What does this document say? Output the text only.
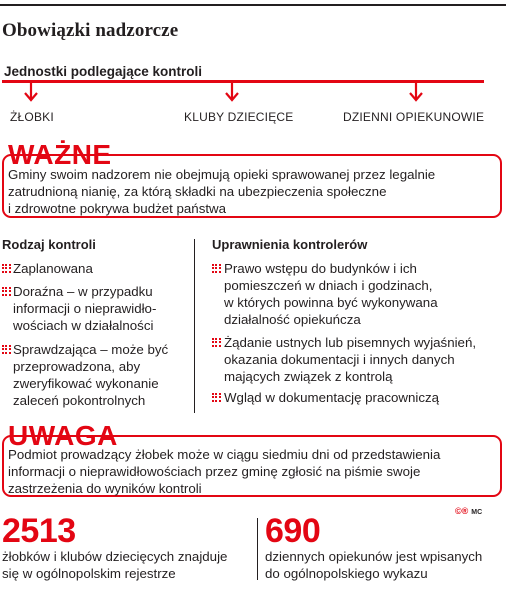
Obowiązki nadzorcze
Jednostki podlegające kontroli
ŻŁOBKI	KLUBY DZIECIĘCE	DZIENNI OPIEKUNOWIE
WAŻNE
Gminy swoim nadzorem nie obejmują opieki sprawowanej przez legalnie
zatrudnioną nianię, za którą składki na ubezpieczenia społeczne
i zdrowotne pokrywa budżet państwa
Rodzaj kontroli	Uprawnienia kontrolerów
Zaplanowana
Doraźna – w przypadku
informacji o nieprawidło-
wościach w działalności
Sprawdzająca – może być
przeprowadzona, aby
zweryfikować wykonanie
zaleceń pokontrolnych
Prawo wstępu do budynków i ich
pomieszczeń w dniach i godzinach,
w których powinna być wykonywana
działalność opiekuńcza
Żądanie ustnych lub pisemnych wyjaśnień,
okazania dokumentacji i innych danych
mających związek z kontrolą
Wgląd w dokumentację pracowniczą
UWAGA
Podmiot prowadzący żłobek może w ciągu siedmiu dni od przedstawienia
informacji o nieprawidłowościach przez gminę zgłosić na piśmie swoje
zastrzeżenia do wyników kontroli
©® MC
2513
żłobków i klubów dziecięcych znajduje
się w ogólnopolskim rejestrze
690
dziennych opiekunów jest wpisanych
do ogólnopolskiego wykazu
